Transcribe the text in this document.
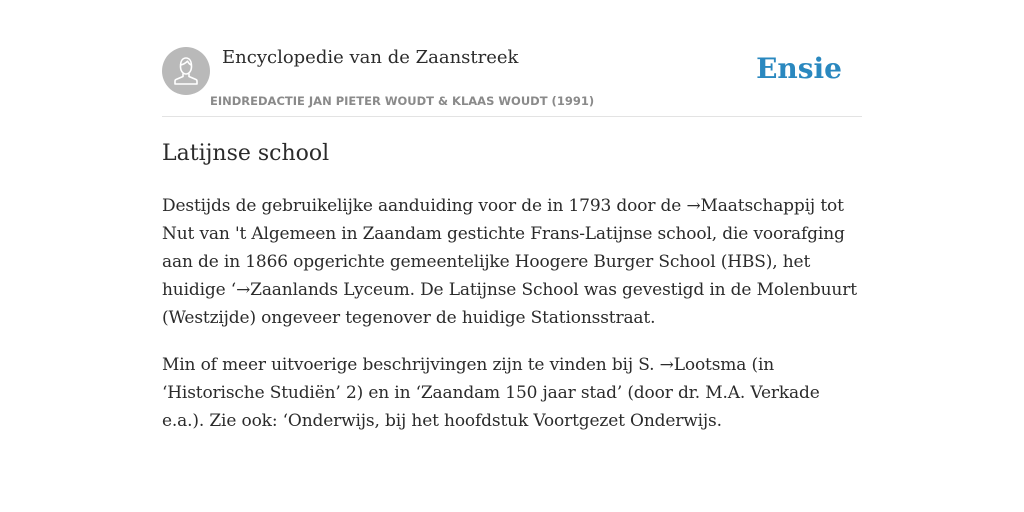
Encyclopedie van de Zaanstreek
EINDREDACTIE JAN PIETER WOUDT & KLAAS WOUDT (1991)
Ensie
Latijnse school

Destijds de gebruikelijke aanduiding voor de in 1793 door de →Maatschappij tot Nut van 't Algemeen in Zaandam gestichte Frans-Latijnse school, die voorafging aan de in 1866 opgerichte gemeentelijke Hoogere Burger School (HBS), het huidige ‘→Zaanlands Lyceum. De Latijnse School was gevestigd in de Molenbuurt (Westzijde) ongeveer tegenover de huidige Stationsstraat.

Min of meer uitvoerige beschrijvingen zijn te vinden bij S. →Lootsma (in ‘Historische Studiën’ 2) en in ‘Zaandam 150 jaar stad’ (door dr. M.A. Verkade e.a.). Zie ook: ‘Onderwijs, bij het hoofdstuk Voortgezet Onderwijs.
